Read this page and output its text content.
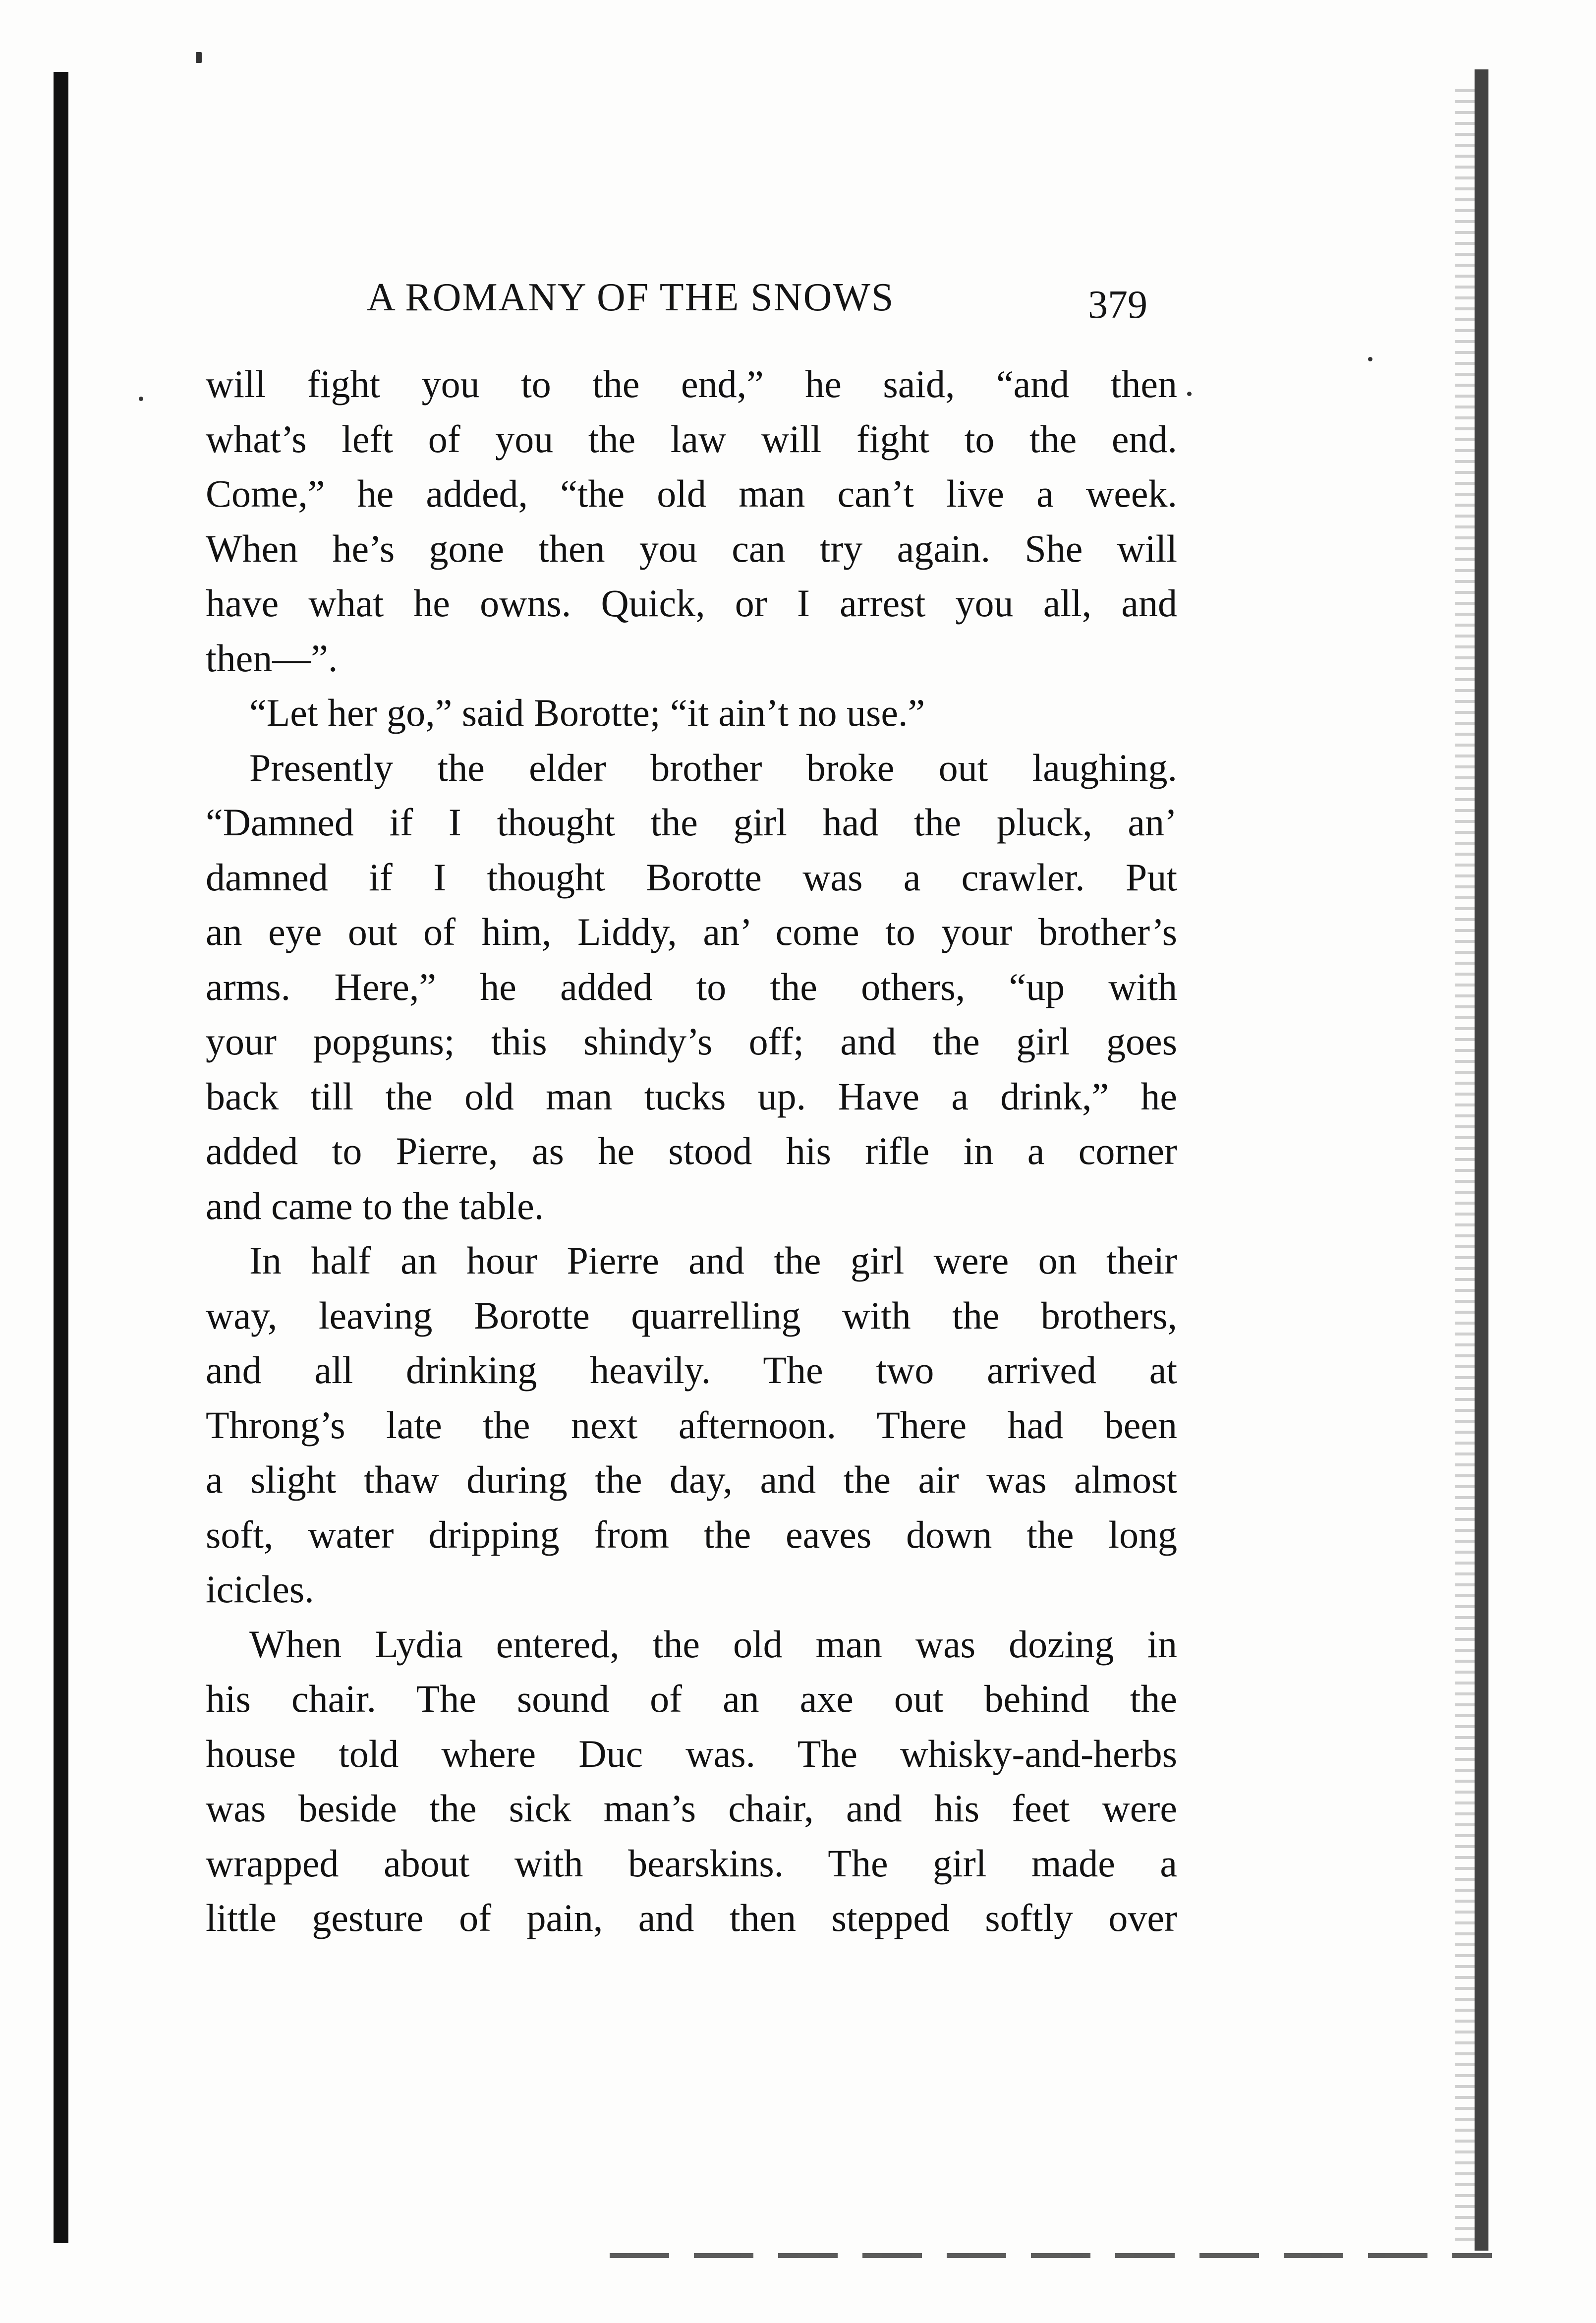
A ROMANY OF THE SNOWS	379
will fight you to the end,” he said, “and then
what’s left of you the law will fight to the end.
Come,” he added, “the old man can’t live a week.
When he’s gone then you can try again. She will
have what he owns. Quick, or I arrest you all, and
then—”.
“Let her go,” said Borotte; “it ain’t no use.”
Presently the elder brother broke out laughing.
“Damned if I thought the girl had the pluck, an’
damned if I thought Borotte was a crawler. Put
an eye out of him, Liddy, an’ come to your brother’s
arms. Here,” he added to the others, “up with
your popguns; this shindy’s off; and the girl goes
back till the old man tucks up. Have a drink,” he
added to Pierre, as he stood his rifle in a corner
and came to the table.
In half an hour Pierre and the girl were on their
way, leaving Borotte quarrelling with the brothers,
and all drinking heavily. The two arrived at
Throng’s late the next afternoon. There had been
a slight thaw during the day, and the air was almost
soft, water dripping from the eaves down the long
icicles.
When Lydia entered, the old man was dozing in
his chair. The sound of an axe out behind the
house told where Duc was. The whisky-and-herbs
was beside the sick man’s chair, and his feet were
wrapped about with bearskins. The girl made a
little gesture of pain, and then stepped softly over
